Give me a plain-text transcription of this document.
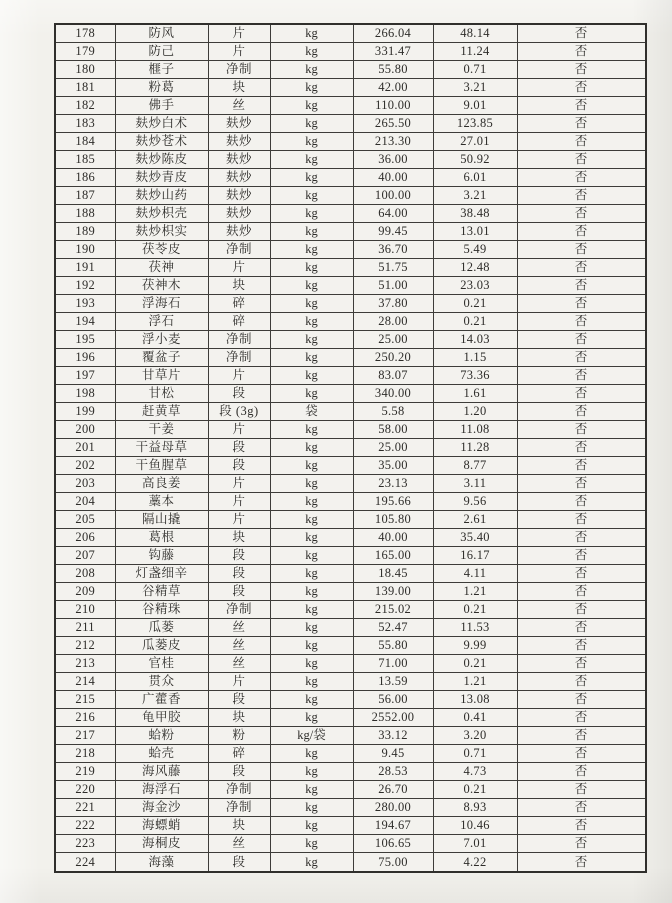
178	防风	片	kg	266.04	48.14	否
179	防己	片	kg	331.47	11.24	否
180	榧子	净制	kg	55.80	0.71	否
181	粉葛	块	kg	42.00	3.21	否
182	佛手	丝	kg	110.00	9.01	否
183	麸炒白术	麸炒	kg	265.50	123.85	否
184	麸炒苍术	麸炒	kg	213.30	27.01	否
185	麸炒陈皮	麸炒	kg	36.00	50.92	否
186	麸炒青皮	麸炒	kg	40.00	6.01	否
187	麸炒山药	麸炒	kg	100.00	3.21	否
188	麸炒枳壳	麸炒	kg	64.00	38.48	否
189	麸炒枳实	麸炒	kg	99.45	13.01	否
190	茯苓皮	净制	kg	36.70	5.49	否
191	茯神	片	kg	51.75	12.48	否
192	茯神木	块	kg	51.00	23.03	否
193	浮海石	碎	kg	37.80	0.21	否
194	浮石	碎	kg	28.00	0.21	否
195	浮小麦	净制	kg	25.00	14.03	否
196	覆盆子	净制	kg	250.20	1.15	否
197	甘草片	片	kg	83.07	73.36	否
198	甘松	段	kg	340.00	1.61	否
199	赶黄草	段 (3g)	袋	5.58	1.20	否
200	干姜	片	kg	58.00	11.08	否
201	干益母草	段	kg	25.00	11.28	否
202	干鱼腥草	段	kg	35.00	8.77	否
203	高良姜	片	kg	23.13	3.11	否
204	藁本	片	kg	195.66	9.56	否
205	隔山撬	片	kg	105.80	2.61	否
206	葛根	块	kg	40.00	35.40	否
207	钩藤	段	kg	165.00	16.17	否
208	灯盏细辛	段	kg	18.45	4.11	否
209	谷精草	段	kg	139.00	1.21	否
210	谷精珠	净制	kg	215.02	0.21	否
211	瓜蒌	丝	kg	52.47	11.53	否
212	瓜蒌皮	丝	kg	55.80	9.99	否
213	官桂	丝	kg	71.00	0.21	否
214	贯众	片	kg	13.59	1.21	否
215	广藿香	段	kg	56.00	13.08	否
216	龟甲胶	块	kg	2552.00	0.41	否
217	蛤粉	粉	kg/袋	33.12	3.20	否
218	蛤壳	碎	kg	9.45	0.71	否
219	海风藤	段	kg	28.53	4.73	否
220	海浮石	净制	kg	26.70	0.21	否
221	海金沙	净制	kg	280.00	8.93	否
222	海螵蛸	块	kg	194.67	10.46	否
223	海桐皮	丝	kg	106.65	7.01	否
224	海藻	段	kg	75.00	4.22	否
